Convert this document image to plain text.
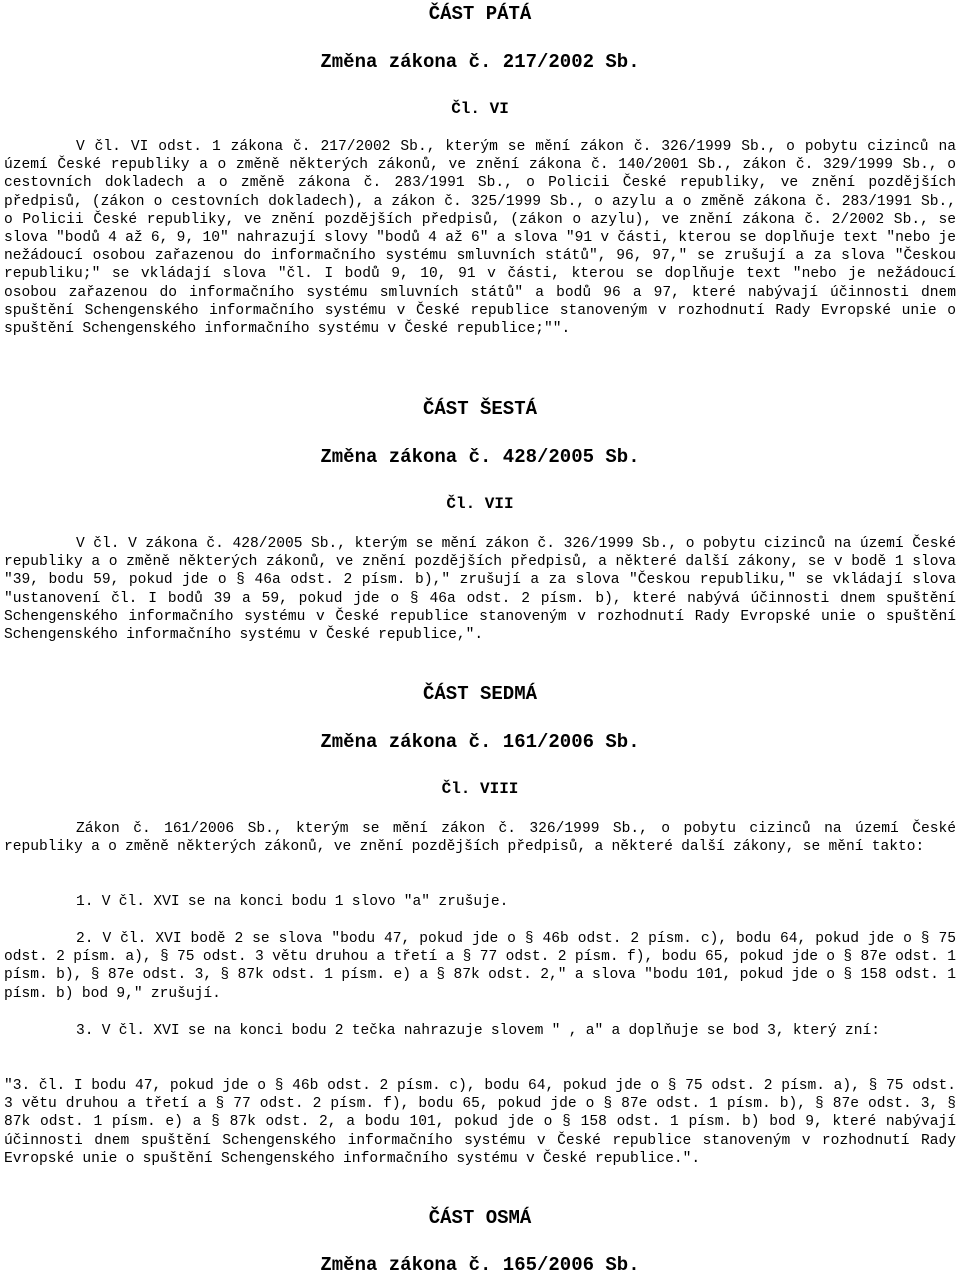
ČÁST PÁTÁ
Změna zákona č. 217/2002 Sb.
Čl. VI

V čl. VI odst. 1 zákona č. 217/2002 Sb., kterým se mění zákon č. 326/1999 Sb., o pobytu cizinců na území České republiky a o změně některých zákonů, ve znění zákona č. 140/2001 Sb., zákon č. 329/1999 Sb., o cestovních dokladech a o změně zákona č. 283/1991 Sb., o Policii České republiky, ve znění pozdějších předpisů, (zákon o cestovních dokladech), a zákon č. 325/1999 Sb., o azylu a o změně zákona č. 283/1991 Sb., o Policii České republiky, ve znění pozdějších předpisů, (zákon o azylu), ve znění zákona č. 2/2002 Sb., se slova "bodů 4 až 6, 9, 10" nahrazují slovy "bodů 4 až 6" a slova "91 v části, kterou se doplňuje text "nebo je nežádoucí osobou zařazenou do informačního systému smluvních států", 96, 97," se zrušují a za slova "Českou republiku;" se vkládají slova "čl. I bodů 9, 10, 91 v části, kterou se doplňuje text "nebo je nežádoucí osobou zařazenou do informačního systému smluvních států" a bodů 96 a 97, které nabývají účinnosti dnem spuštění Schengenského informačního systému v České republice stanoveným v rozhodnutí Rady Evropské unie o spuštění Schengenského informačního systému v České republice;"".

ČÁST ŠESTÁ
Změna zákona č. 428/2005 Sb.
Čl. VII

V čl. V zákona č. 428/2005 Sb., kterým se mění zákon č. 326/1999 Sb., o pobytu cizinců na území České republiky a o změně některých zákonů, ve znění pozdějších předpisů, a některé další zákony, se v bodě 1 slova "39, bodu 59, pokud jde o § 46a odst. 2 písm. b)," zrušují a za slova "Českou republiku," se vkládají slova "ustanovení čl. I bodů 39 a 59, pokud jde o § 46a odst. 2 písm. b), které nabývá účinnosti dnem spuštění Schengenského informačního systému v České republice stanoveným v rozhodnutí Rady Evropské unie o spuštění Schengenského informačního systému v České republice,".

ČÁST SEDMÁ
Změna zákona č. 161/2006 Sb.
Čl. VIII

Zákon č. 161/2006 Sb., kterým se mění zákon č. 326/1999 Sb., o pobytu cizinců na území České republiky a o změně některých zákonů, ve znění pozdějších předpisů, a některé další zákony, se mění takto:

1. V čl. XVI se na konci bodu 1 slovo "a" zrušuje.

2. V čl. XVI bodě 2 se slova "bodu 47, pokud jde o § 46b odst. 2 písm. c), bodu 64, pokud jde o § 75 odst. 2 písm. a), § 75 odst. 3 větu druhou a třetí a § 77 odst. 2 písm. f), bodu 65, pokud jde o § 87e odst. 1 písm. b), § 87e odst. 3, § 87k odst. 1 písm. e) a § 87k odst. 2," a slova "bodu 101, pokud jde o § 158 odst. 1 písm. b) bod 9," zrušují.

3. V čl. XVI se na konci bodu 2 tečka nahrazuje slovem " , a" a doplňuje se bod 3, který zní:

"3. čl. I bodu 47, pokud jde o § 46b odst. 2 písm. c), bodu 64, pokud jde o § 75 odst. 2 písm. a), § 75 odst. 3 větu druhou a třetí a § 77 odst. 2 písm. f), bodu 65, pokud jde o § 87e odst. 1 písm. b), § 87e odst. 3, § 87k odst. 1 písm. e) a § 87k odst. 2, a bodu 101, pokud jde o § 158 odst. 1 písm. b) bod 9, které nabývají účinnosti dnem spuštění Schengenského informačního systému v České republice stanoveným v rozhodnutí Rady Evropské unie o spuštění Schengenského informačního systému v České republice.".

ČÁST OSMÁ
Změna zákona č. 165/2006 Sb.
